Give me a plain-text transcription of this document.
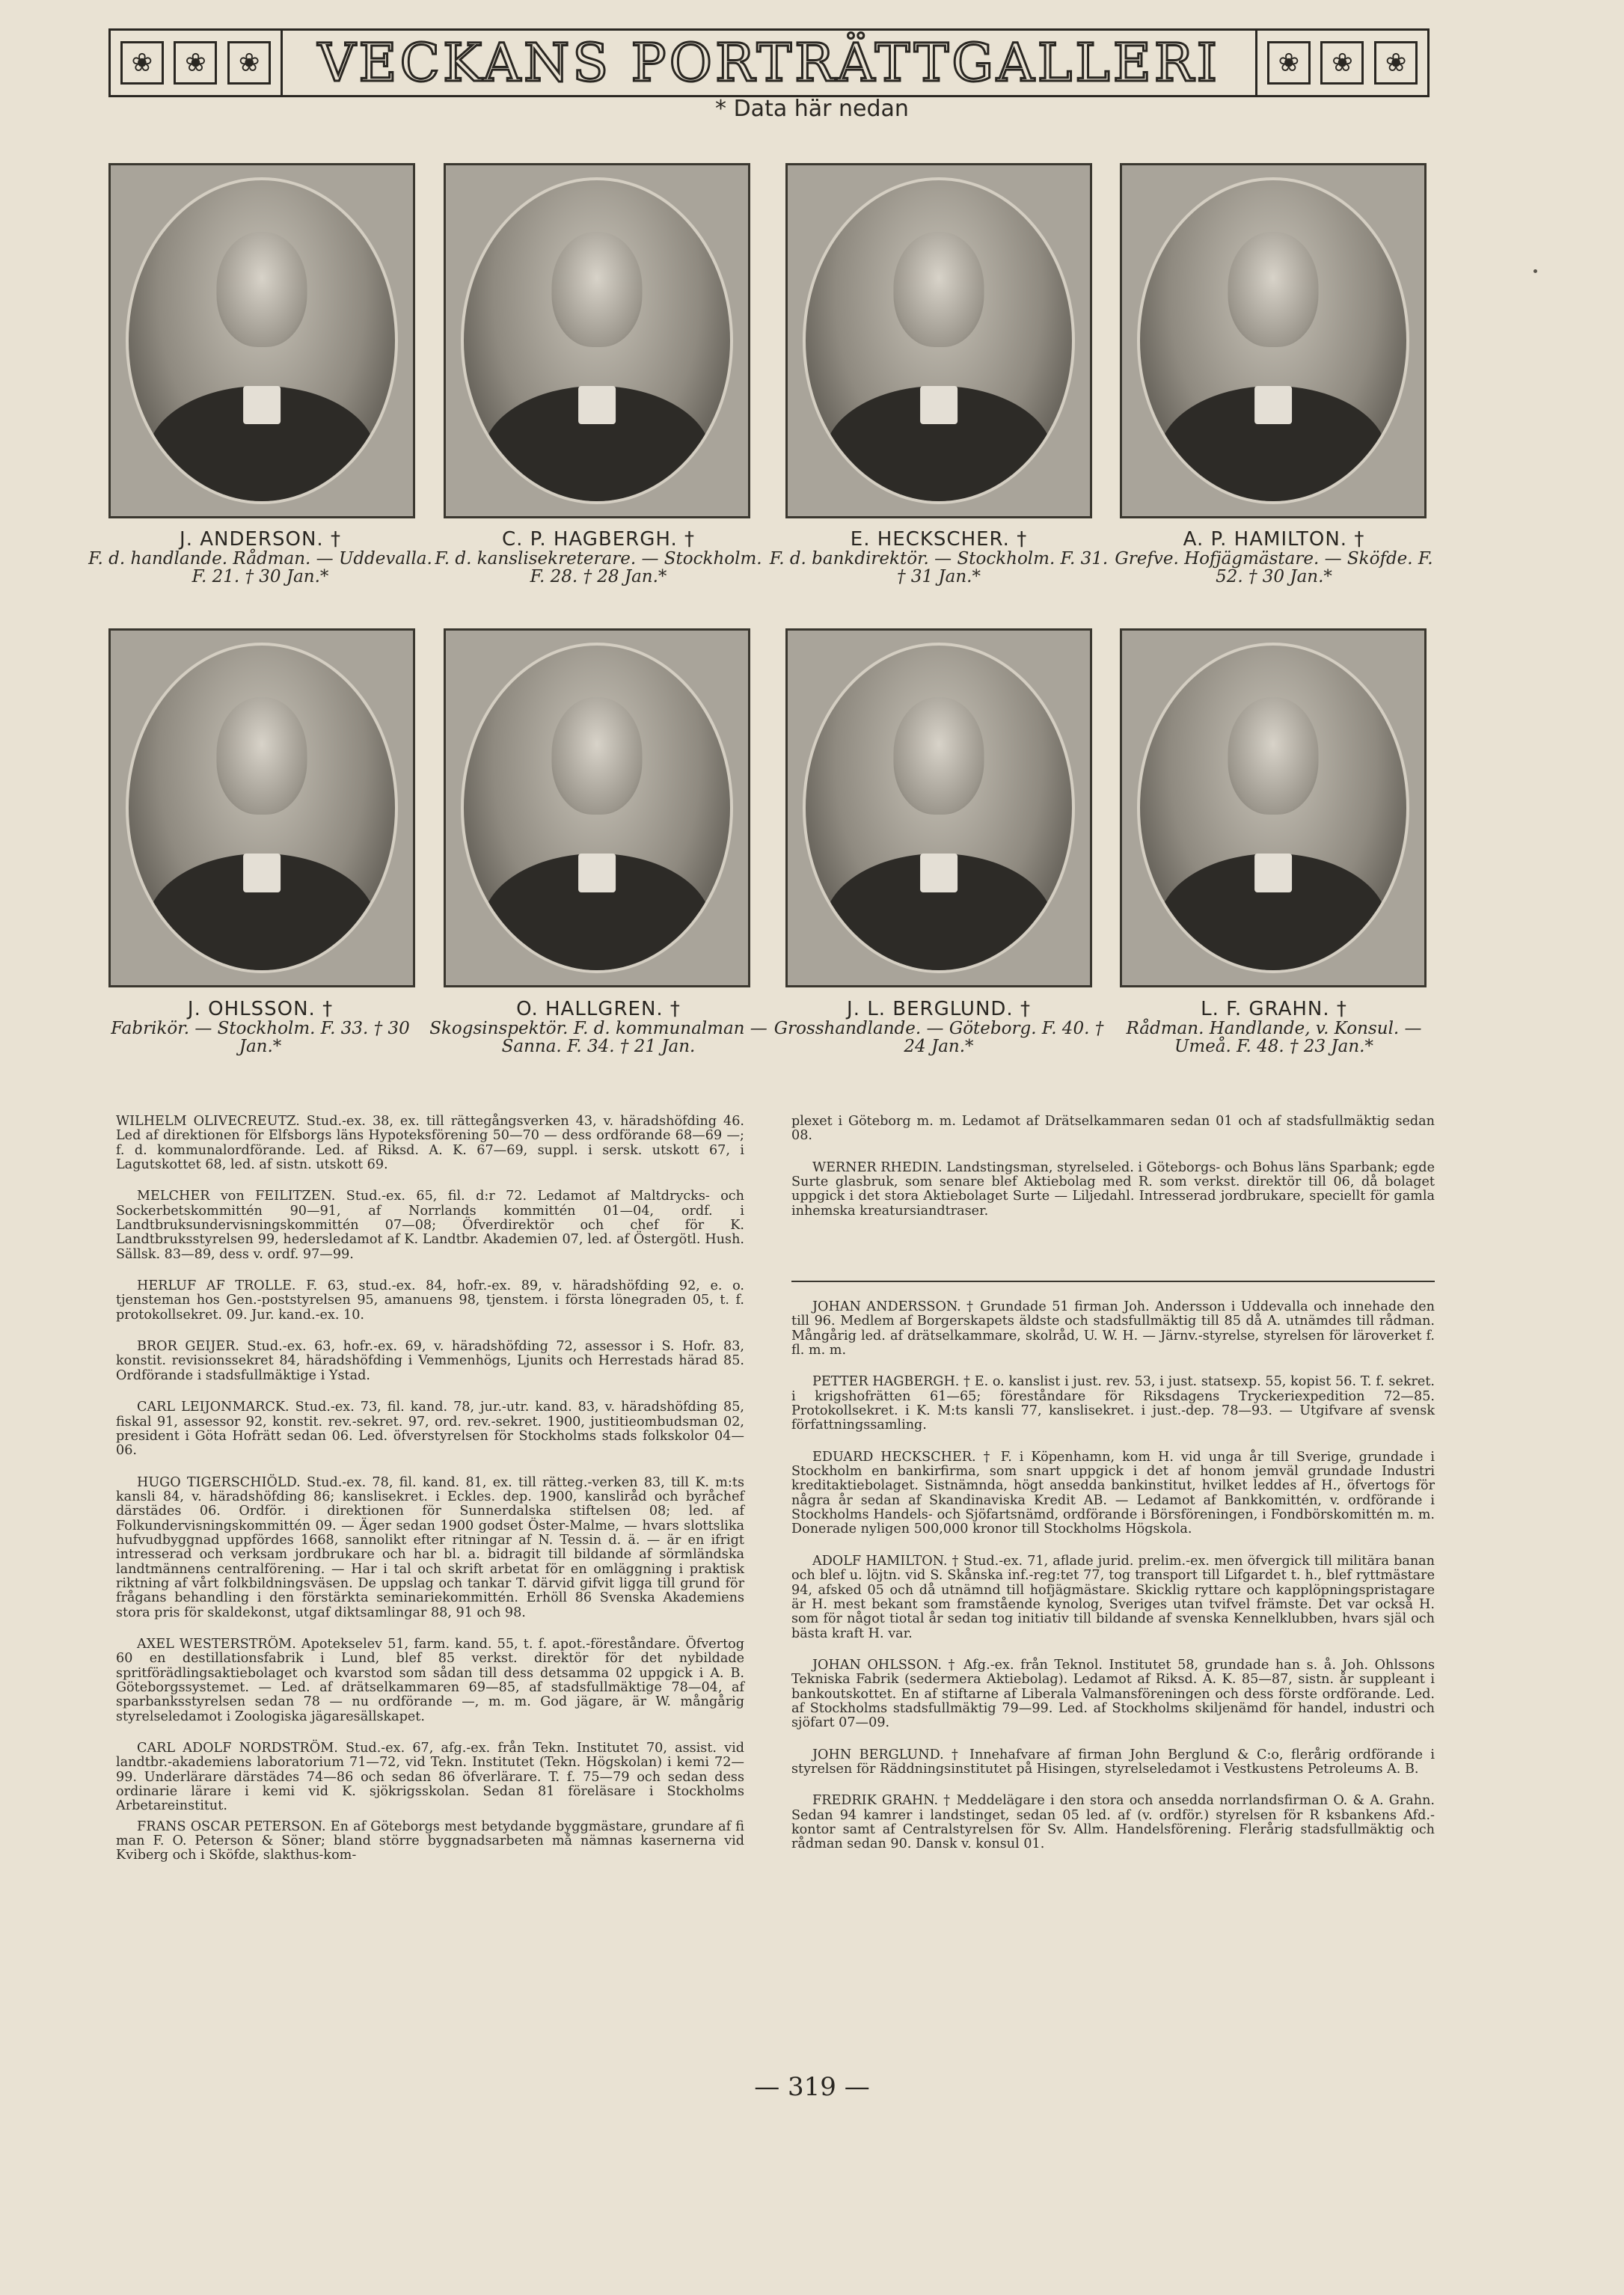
❀	❀	❀	VECKANS PORTRÄTTGALLERI	❀	❀	❀
* Data här nedan
J. ANDERSON. †
F. d. handlande. Rådman. — Uddevalla. F. 21. † 30 Jan.*
C. P. HAGBERGH. †
F. d. kanslisekreterare. — Stockholm. F. 28. † 28 Jan.*
E. HECKSCHER. †
F. d. bankdirektör. — Stockholm. F. 31. † 31 Jan.*
A. P. HAMILTON. †
Grefve. Hofjägmästare. — Sköfde. F. 52. † 30 Jan.*
J. OHLSSON. †
Fabrikör. — Stockholm. F. 33. † 30 Jan.*
O. HALLGREN. †
Skogsinspektör. F. d. kommunalman — Sanna. F. 34. † 21 Jan.
J. L. BERGLUND. †
Grosshandlande. — Göteborg. F. 40. † 24 Jan.*
L. F. GRAHN. †
Rådman. Handlande, v. Konsul. — Umeå. F. 48. † 23 Jan.*

WILHELM OLIVECREUTZ. Stud.-ex. 38, ex. till rättegångsverken 43, v. häradshöfding 46. Led af direktionen för Elfsborgs läns Hypoteksförening 50—70 — dess ordförande 68—69 —; f. d. kommunalordförande. Led. af Riksd. A. K. 67—69, suppl. i sersk. utskott 67, i Lagutskottet 68, led. af sistn. utskott 69.

MELCHER von FEILITZEN. Stud.-ex. 65, fil. d:r 72. Ledamot af Maltdrycks- och Sockerbetskommittén 90—91, af Norrlands kommittén 01—04, ordf. i Landtbruksundervisningskommittén 07—08; Öfverdirektör och chef för K. Landtbruksstyrelsen 99, hedersledamot af K. Landtbr. Akademien 07, led. af Östergötl. Hush. Sällsk. 83—89, dess v. ordf. 97—99.

HERLUF AF TROLLE. F. 63, stud.-ex. 84, hofr.-ex. 89, v. häradshöfding 92, e. o. tjensteman hos Gen.-poststyrelsen 95, amanuens 98, tjenstem. i första lönegraden 05, t. f. protokollsekret. 09. Jur. kand.-ex. 10.

BROR GEIJER. Stud.-ex. 63, hofr.-ex. 69, v. häradshöfding 72, assessor i S. Hofr. 83, konstit. revisionssekret 84, häradshöfding i Vemmenhögs, Ljunits och Herrestads härad 85. Ordförande i stadsfullmäktige i Ystad.

CARL LEIJONMARCK. Stud.-ex. 73, fil. kand. 78, jur.-utr. kand. 83, v. häradshöfding 85, fiskal 91, assessor 92, konstit. rev.-sekret. 97, ord. rev.-sekret. 1900, justitieombudsman 02, president i Göta Hofrätt sedan 06. Led. öfverstyrelsen för Stockholms stads folkskolor 04—06.

HUGO TIGERSCHIÖLD. Stud.-ex. 78, fil. kand. 81, ex. till rätteg.-verken 83, till K. m:ts kansli 84, v. häradshöfding 86; kanslisekret. i Eckles. dep. 1900, kansliråd och byråchef därstädes 06. Ordför. i direktionen för Sunnerdalska stiftelsen 08; led. af Folkundervisningskommittén 09. — Äger sedan 1900 godset Öster-Malme, — hvars slottslika hufvudbyggnad uppfördes 1668, sannolikt efter ritningar af N. Tessin d. ä. — är en ifrigt intresserad och verksam jordbrukare och har bl. a. bidragit till bildande af sörmländska landtmännens centralförening. — Har i tal och skrift arbetat för en omläggning i praktisk riktning af vårt folkbildningsväsen. De uppslag och tankar T. därvid gifvit ligga till grund för frågans behandling i den förstärkta seminariekommittén. Erhöll 86 Svenska Akademiens stora pris för skaldekonst, utgaf diktsamlingar 88, 91 och 98.

AXEL WESTERSTRÖM. Apotekselev 51, farm. kand. 55, t. f. apot.-föreståndare. Öfvertog 60 en destillationsfabrik i Lund, blef 85 verkst. direktör för det nybildade spritförädlingsaktiebolaget och kvarstod som sådan till dess detsamma 02 uppgick i A. B. Göteborgssystemet. — Led. af drätselkammaren 69—85, af stadsfullmäktige 78—04, af sparbanksstyrelsen sedan 78 — nu ordförande —, m. m. God jägare, är W. mångårig styrelseledamot i Zoologiska jägaresällskapet.

CARL ADOLF NORDSTRÖM. Stud.-ex. 67, afg.-ex. från Tekn. Institutet 70, assist. vid landtbr.-akademiens laboratorium 71—72, vid Tekn. Institutet (Tekn. Högskolan) i kemi 72—99. Underlärare därstädes 74—86 och sedan 86 öfverlärare. T. f. 75—79 och sedan dess ordinarie lärare i kemi vid K. sjökrigsskolan. Sedan 81 föreläsare i Stockholms Arbetareinstitut.

FRANS OSCAR PETERSON. En af Göteborgs mest betydande byggmästare, grundare af fi man F. O. Peterson & Söner; bland större byggnadsarbeten må nämnas kasernerna vid Kviberg och i Sköfde, slakthus-kom-

plexet i Göteborg m. m. Ledamot af Drätselkammaren sedan 01 och af stadsfullmäktig sedan 08.

WERNER RHEDIN. Landstingsman, styrelseled. i Göteborgs- och Bohus läns Sparbank; egde Surte glasbruk, som senare blef Aktiebolag med R. som verkst. direktör till 06, då bolaget uppgick i det stora Aktiebolaget Surte — Liljedahl. Intresserad jordbrukare, speciellt för gamla inhemska kreatursiandtraser.

JOHAN ANDERSSON. † Grundade 51 firman Joh. Andersson i Uddevalla och innehade den till 96. Medlem af Borgerskapets äldste och stadsfullmäktig till 85 då A. utnämdes till rådman. Mångårig led. af drätselkammare, skolråd, U. W. H. — Järnv.-styrelse, styrelsen för läroverket f. fl. m. m.

PETTER HAGBERGH. † E. o. kanslist i just. rev. 53, i just. statsexp. 55, kopist 56. T. f. sekret. i krigshofrätten 61—65; föreståndare för Riksdagens Tryckeriexpedition 72—85. Protokollsekret. i K. M:ts kansli 77, kanslisekret. i just.-dep. 78—93. — Utgifvare af svensk författningssamling.

EDUARD HECKSCHER. † F. i Köpenhamn, kom H. vid unga år till Sverige, grundade i Stockholm en bankirfirma, som snart uppgick i det af honom jemväl grundade Industri kreditaktiebolaget. Sistnämnda, högt ansedda bankinstitut, hvilket leddes af H., öfvertogs för några år sedan af Skandinaviska Kredit AB. — Ledamot af Bankkomittén, v. ordförande i Stockholms Handels- och Sjöfartsnämd, ordförande i Börsföreningen, i Fondbörskomittén m. m. Donerade nyligen 500,000 kronor till Stockholms Högskola.

ADOLF HAMILTON. † Stud.-ex. 71, aflade jurid. prelim.-ex. men öfvergick till militära banan och blef u. löjtn. vid S. Skånska inf.-reg:tet 77, tog transport till Lifgardet t. h., blef ryttmästare 94, afsked 05 och då utnämnd till hofjägmästare. Skicklig ryttare och kapplöpningspristagare är H. mest bekant som framstående kynolog, Sveriges utan tvifvel främste. Det var också H. som för något tiotal år sedan tog initiativ till bildande af svenska Kennelklubben, hvars själ och bästa kraft H. var.

JOHAN OHLSSON. † Afg.-ex. från Teknol. Institutet 58, grundade han s. å. Joh. Ohlssons Tekniska Fabrik (sedermera Aktiebolag). Ledamot af Riksd. A. K. 85—87, sistn. år suppleant i bankoutskottet. En af stiftarne af Liberala Valmansföreningen och dess förste ordförande. Led. af Stockholms stadsfullmäktig 79—99. Led. af Stockholms skiljenämd för handel, industri och sjöfart 07—09.

JOHN BERGLUND. † Innehafvare af firman John Berglund & C:o, flerårig ordförande i styrelsen för Räddningsinstitutet på Hisingen, styrelseledamot i Vestkustens Petroleums A. B.

FREDRIK GRAHN. † Meddelägare i den stora och ansedda norrlandsfirman O. & A. Grahn. Sedan 94 kamrer i landstinget, sedan 05 led. af (v. ordför.) styrelsen för R ksbankens Afd.-kontor samt af Centralstyrelsen för Sv. Allm. Handelsförening. Flerårig stadsfullmäktig och rådman sedan 90. Dansk v. konsul 01.

— 319 —
